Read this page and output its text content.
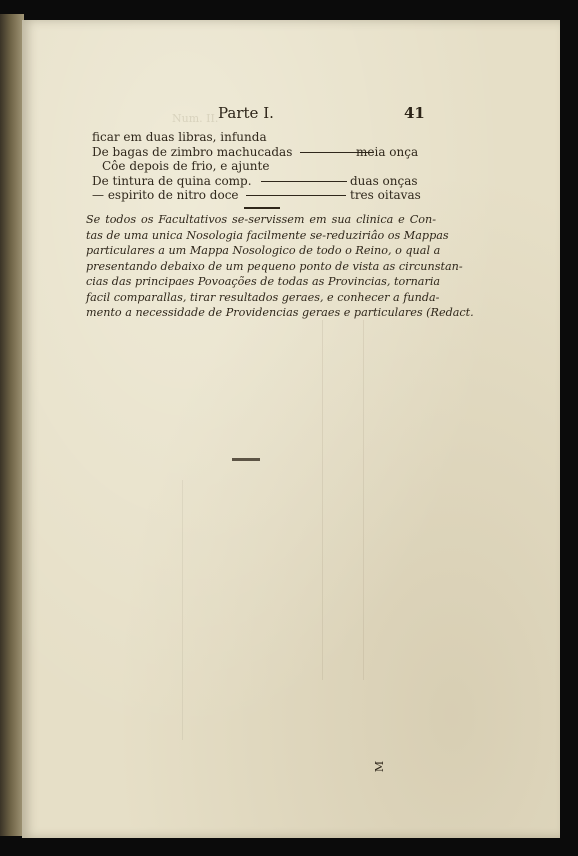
Num. II. Parte I.	41
ficar em duas libras, infunda
De bagas de zimbro machucadas	meia onça
Côe depois de frio, e ajunte
De tintura de quina comp.	duas onças
— espirito de nitro doce	tres oitavas
Se todos os Facultativos se-servissem em sua clinica e Con-
tas de uma unica Nosologia facilmente se-reduziriâo os Mappas
particulares a um Mappa Nosologico de todo o Reino, o qual a
presentando debaixo de um pequeno ponto de vista as circunstan-
cias das principaes Povoações de todas as Provincias, tornaria
facil comparallas, tirar resultados geraes, e conhecer a funda-
mento a necessidade de Providencias geraes e particulares (Redact.
M
